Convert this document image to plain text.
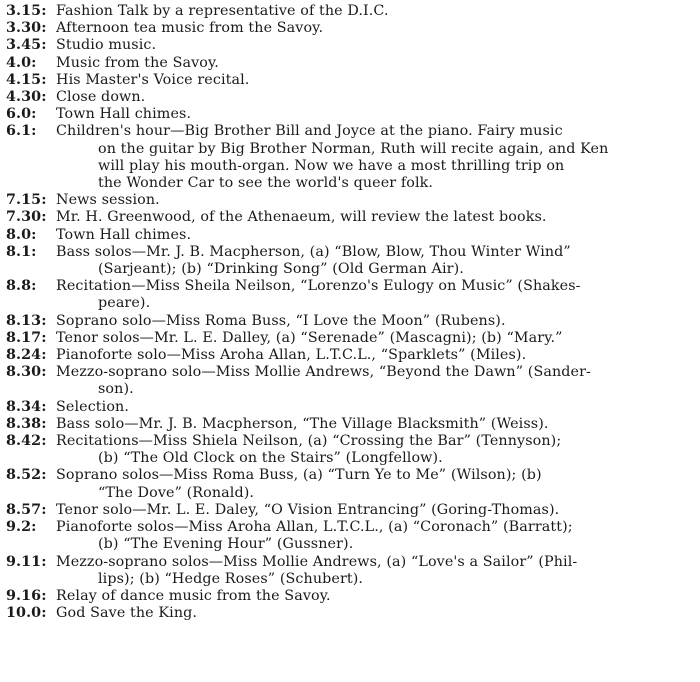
3.15: Fashion Talk by a representative of the D.I.C.
3.30: Afternoon tea music from the Savoy.
3.45: Studio music.
4.0:	Music from the Savoy.
4.15: His Master's Voice recital.
4.30: Close down.
6.0:	Town Hall chimes.
6.1:	Children's hour—Big Brother Bill and Joyce at the piano. Fairy music
on the guitar by Big Brother Norman, Ruth will recite again, and Ken
will play his mouth-organ. Now we have a most thrilling trip on
the Wonder Car to see the world's queer folk.
7.15: News session.
7.30: Mr. H. Greenwood, of the Athenaeum, will review the latest books.
8.0:	Town Hall chimes.
8.1:	Bass solos—Mr. J. B. Macpherson, (a) “Blow, Blow, Thou Winter Wind”
(Sarjeant); (b) “Drinking Song” (Old German Air).
8.8:	Recitation—Miss Sheila Neilson, “Lorenzo's Eulogy on Music” (Shakes-
peare).
8.13: Soprano solo—Miss Roma Buss, “I Love the Moon” (Rubens).
8.17: Tenor solos—Mr. L. E. Dalley, (a) “Serenade” (Mascagni); (b) “Mary.”
8.24: Pianoforte solo—Miss Aroha Allan, L.T.C.L., “Sparklets” (Miles).
8.30: Mezzo-soprano solo—Miss Mollie Andrews, “Beyond the Dawn” (Sander-
son).
8.34: Selection.
8.38: Bass solo—Mr. J. B. Macpherson, “The Village Blacksmith” (Weiss).
8.42: Recitations—Miss Shiela Neilson, (a) “Crossing the Bar” (Tennyson);
(b) “The Old Clock on the Stairs” (Longfellow).
8.52: Soprano solos—Miss Roma Buss, (a) “Turn Ye to Me” (Wilson); (b)
“The Dove” (Ronald).
8.57: Tenor solo—Mr. L. E. Daley, “O Vision Entrancing” (Goring-Thomas).
9.2:	Pianoforte solos—Miss Aroha Allan, L.T.C.L., (a) “Coronach” (Barratt);
(b) “The Evening Hour” (Gussner).
9.11: Mezzo-soprano solos—Miss Mollie Andrews, (a) “Love's a Sailor” (Phil-
lips); (b) “Hedge Roses” (Schubert).
9.16: Relay of dance music from the Savoy.
10.0: God Save the King.
